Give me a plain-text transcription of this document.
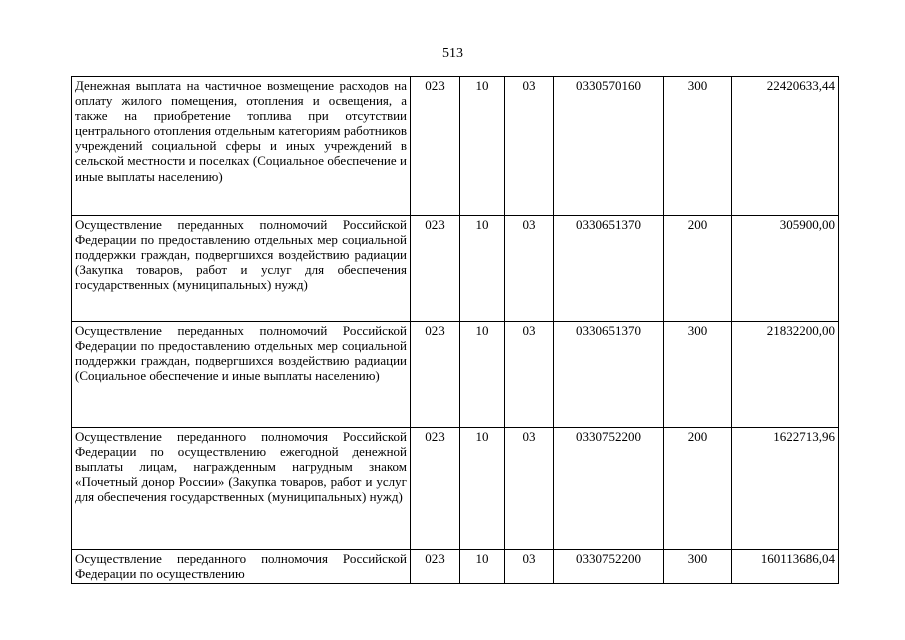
513
Денежная выплата на частичное возмещение расходов на оплату жилого помещения, отопления и освещения, а также на приобретение топлива при отсутствии центрального отопления отдельным категориям работников учреждений социальной сферы и иных учреждений в сельской местности и поселках (Социальное обеспечение и иные выплаты населению)	023	10	03	0330570160	300	22420633,44
Осуществление переданных полномочий Российской Федерации по предоставлению отдельных мер социальной поддержки граждан, подвергшихся воздействию радиации (Закупка товаров, работ и услуг для обеспечения государственных (муниципальных) нужд)	023	10	03	0330651370	200	305900,00
Осуществление переданных полномочий Российской Федерации по предоставлению отдельных мер социальной поддержки граждан, подвергшихся воздействию радиации (Социальное обеспечение и иные выплаты населению)	023	10	03	0330651370	300	21832200,00
Осуществление переданного полномочия Российской Федерации по осуществлению ежегодной денежной выплаты лицам, награжденным нагрудным знаком «Почетный донор России» (Закупка товаров, работ и услуг для обеспечения государственных (муниципальных) нужд)	023	10	03	0330752200	200	1622713,96
Осуществление переданного полномочия Российской Федерации по осуществлению	023	10	03	0330752200	300	160113686,04
